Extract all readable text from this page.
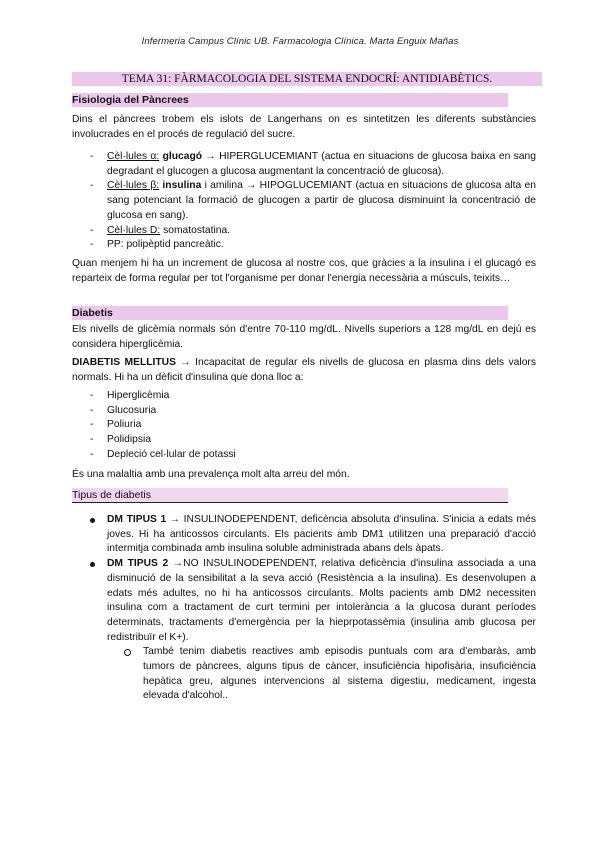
Infermeria Campus Clínic UB. Farmacologia Clínica. Marta Enguix Mañas
TEMA 31: FÀRMACOLOGIA DEL SISTEMA ENDOCRÍ: ANTIDIABÈTICS.
Fisiologia del Pàncrees
Dins el pàncrees trobem els islots de Langerhans on es sintetitzen les diferents substàncies involucrades en el procés de regulació del sucre.
- Cèl·lules α: glucagó → HIPERGLUCEMIANT (actua en situacions de glucosa baixa en sang degradant el glucogen a glucosa augmentant la concentració de glucosa).
- Cèl·lules β: insulina i amilina → HIPOGLUCEMIANT (actua en situacions de glucosa alta en sang potenciant la formació de glucogen a partir de glucosa disminuint la concentració de glucosa en sang).
- Cèl·lules D: somatostatina.
- PP: polipèptid pancreàtic.
Quan menjem hi ha un increment de glucosa al nostre cos, que gràcies a la insulina i el glucagó es reparteix de forma regular per tot l'organisme per donar l'energia necessària a músculs, teixits…
Diabetis
Els nivells de glicèmia normals són d'entre 70-110 mg/dL. Nivells superiors a 128 mg/dL en dejú es considera hiperglicèmia.
DIABETIS MELLITUS → Incapacitat de regular els nivells de glucosa en plasma dins dels valors normals. Hi ha un dèficit d'insulina que dona lloc a:
- Hiperglicèmia
- Glucosuria
- Poliuria
- Polidipsia
- Depleció cel·lular de potassi
És una malaltia amb una prevalença molt alta arreu del món.
Tipus de diabetis
DM TIPUS 1 → INSULINODEPENDENT, deficència absoluta d'insulina. S'inicia a edats més joves. Hi ha anticossos circulants. Els pacients amb DM1 utilitzen una preparació d'acció intermitja combinada amb insulina soluble administrada abans dels àpats.
DM TIPUS 2 →NO INSULINODEPENDENT, relativa deficència d'insulina associada a una disminució de la sensibilitat a la seva acció (Resistència a la insulina). Es desenvolupen a edats més adultes, no hi ha anticossos circulants. Molts pacients amb DM2 necessiten insulina com a tractament de curt termini per intolerància a la glucosa durant períodes determinats, tractaments d'emergència per la hieprpotassèmia (insulina amb glucosa per redistribuïr el K+).
També tenim diabetis reactives amb episodis puntuals com ara d'embaràs, amb tumors de pàncrees, alguns tipus de càncer, insuficiència hipofisària, insuficiència hepàtica greu, algunes intervencions al sistema digestiu, medicament, ingesta elevada d'alcohol..
